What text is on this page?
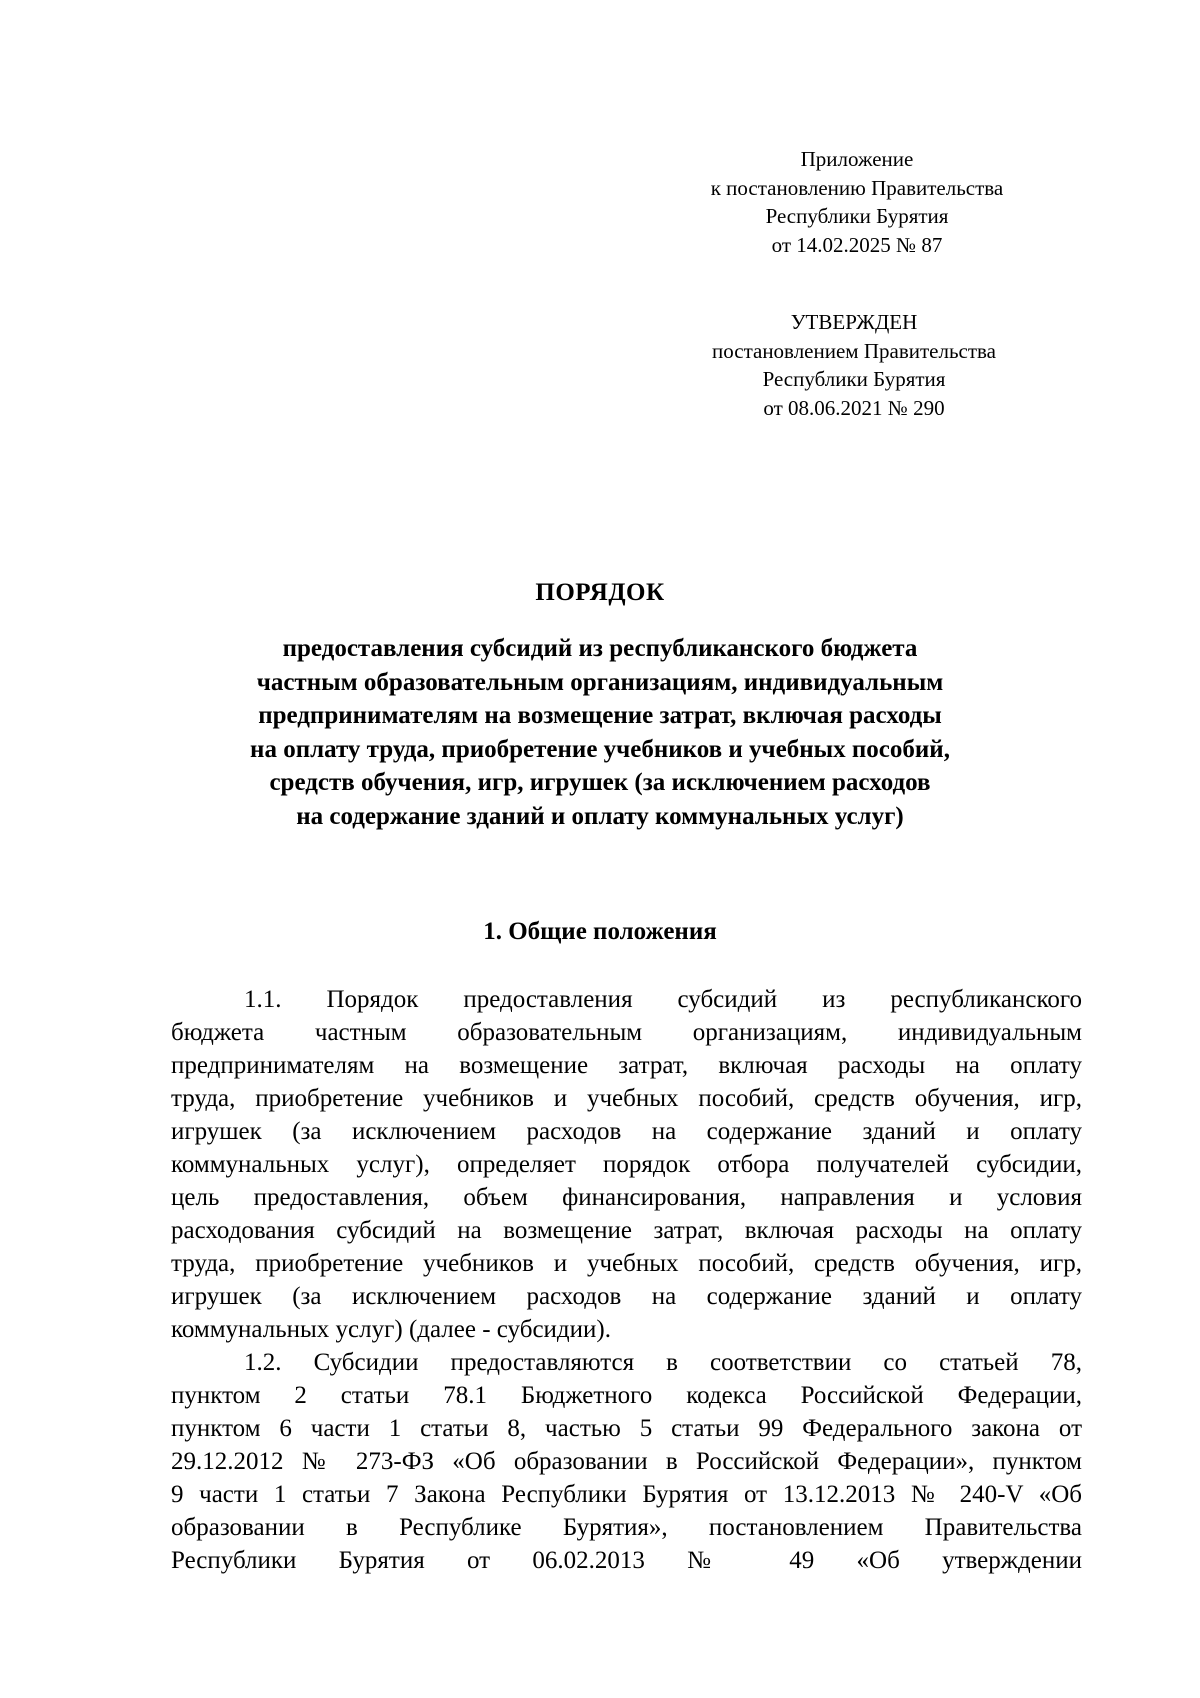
Приложение
к постановлению Правительства
Республики Бурятия
от 14.02.2025 № 87
УТВЕРЖДЕН
постановлением Правительства
Республики Бурятия
от 08.06.2021 № 290
ПОРЯДОК
предоставления субсидий из республиканского бюджета
частным образовательным организациям, индивидуальным
предпринимателям на возмещение затрат, включая расходы
на оплату труда, приобретение учебников и учебных пособий,
средств обучения, игр, игрушек (за исключением расходов
на содержание зданий и оплату коммунальных услуг)
1. Общие положения
1.1. Порядок предоставления субсидий из республиканского
бюджета частным образовательным организациям, индивидуальным
предпринимателям на возмещение затрат, включая расходы на оплату
труда, приобретение учебников и учебных пособий, средств обучения, игр,
игрушек (за исключением расходов на содержание зданий и оплату
коммунальных услуг), определяет порядок отбора получателей субсидии,
цель предоставления, объем финансирования, направления и условия
расходования субсидий на возмещение затрат, включая расходы на оплату
труда, приобретение учебников и учебных пособий, средств обучения, игр,
игрушек (за исключением расходов на содержание зданий и оплату
коммунальных услуг) (далее - субсидии).
1.2. Субсидии предоставляются в соответствии со статьей 78,
пунктом 2 статьи 78.1 Бюджетного кодекса Российской Федерации,
пунктом 6 части 1 статьи 8, частью 5 статьи 99 Федерального закона от
29.12.2012 № 273-ФЗ «Об образовании в Российской Федерации», пунктом
9 части 1 статьи 7 Закона Республики Бурятия от 13.12.2013 № 240-V «Об
образовании в Республике Бурятия», постановлением Правительства
Республики Бурятия от 06.02.2013 № 49 «Об утверждении
